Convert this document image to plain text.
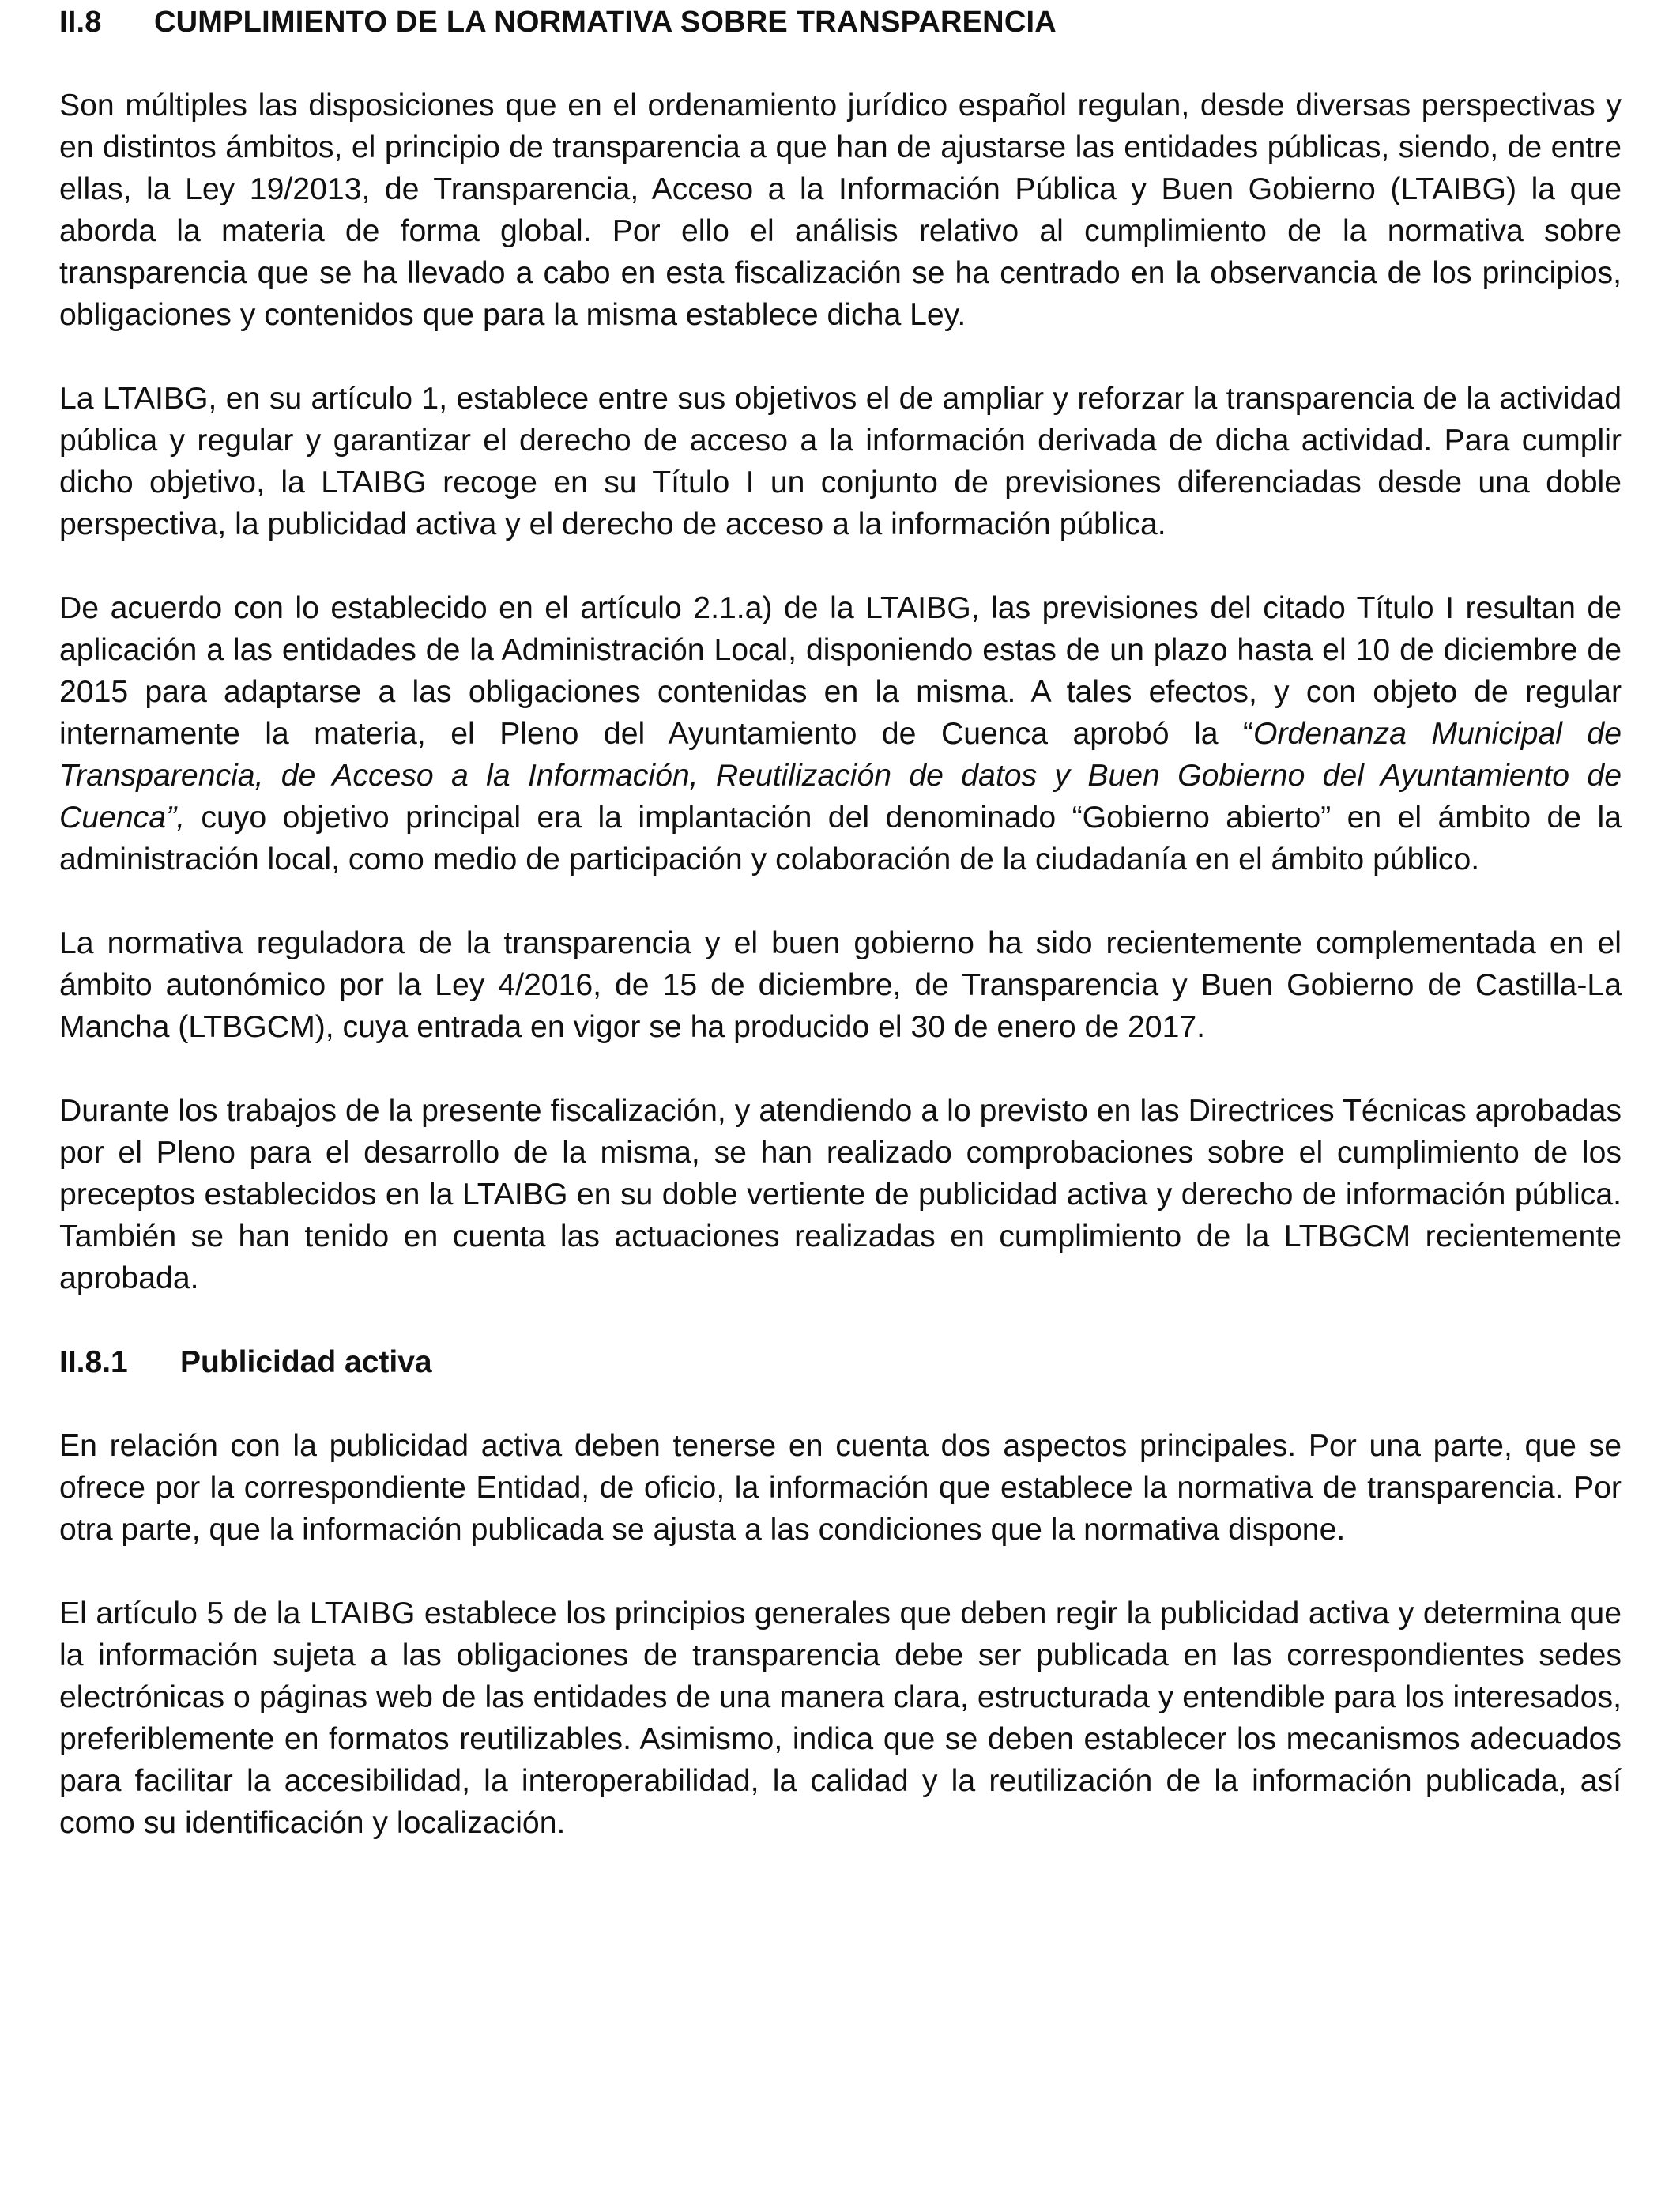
II.8	CUMPLIMIENTO DE LA NORMATIVA SOBRE TRANSPARENCIA

Son múltiples las disposiciones que en el ordenamiento jurídico español regulan, desde diversas perspectivas y en distintos ámbitos, el principio de transparencia a que han de ajustarse las entidades públicas, siendo, de entre ellas, la Ley 19/2013, de Transparencia, Acceso a la Información Pública y Buen Gobierno (LTAIBG) la que aborda la materia de forma global. Por ello el análisis relativo al cumplimiento de la normativa sobre transparencia que se ha llevado a cabo en esta fiscalización se ha centrado en la observancia de los principios, obligaciones y contenidos que para la misma establece dicha Ley.

La LTAIBG, en su artículo 1, establece entre sus objetivos el de ampliar y reforzar la transparencia de la actividad pública y regular y garantizar el derecho de acceso a la información derivada de dicha actividad. Para cumplir dicho objetivo, la LTAIBG recoge en su Título I un conjunto de previsiones diferenciadas desde una doble perspectiva, la publicidad activa y el derecho de acceso a la información pública.

De acuerdo con lo establecido en el artículo 2.1.a) de la LTAIBG, las previsiones del citado Título I resultan de aplicación a las entidades de la Administración Local, disponiendo estas de un plazo hasta el 10 de diciembre de 2015 para adaptarse a las obligaciones contenidas en la misma. A tales efectos, y con objeto de regular internamente la materia, el Pleno del Ayuntamiento de Cuenca aprobó la “Ordenanza Municipal de Transparencia, de Acceso a la Información, Reutilización de datos y Buen Gobierno del Ayuntamiento de Cuenca”, cuyo objetivo principal era la implantación del denominado “Gobierno abierto” en el ámbito de la administración local, como medio de participación y colaboración de la ciudadanía en el ámbito público.

La normativa reguladora de la transparencia y el buen gobierno ha sido recientemente complementada en el ámbito autonómico por la Ley 4/2016, de 15 de diciembre, de Transparencia y Buen Gobierno de Castilla-La Mancha (LTBGCM), cuya entrada en vigor se ha producido el 30 de enero de 2017.

Durante los trabajos de la presente fiscalización, y atendiendo a lo previsto en las Directrices Técnicas aprobadas por el Pleno para el desarrollo de la misma, se han realizado comprobaciones sobre el cumplimiento de los preceptos establecidos en la LTAIBG en su doble vertiente de publicidad activa y derecho de información pública. También se han tenido en cuenta las actuaciones realizadas en cumplimiento de la LTBGCM recientemente aprobada.

II.8.1	Publicidad activa

En relación con la publicidad activa deben tenerse en cuenta dos aspectos principales. Por una parte, que se ofrece por la correspondiente Entidad, de oficio, la información que establece la normativa de transparencia. Por otra parte, que la información publicada se ajusta a las condiciones que la normativa dispone.

El artículo 5 de la LTAIBG establece los principios generales que deben regir la publicidad activa y determina que la información sujeta a las obligaciones de transparencia debe ser publicada en las correspondientes sedes electrónicas o páginas web de las entidades de una manera clara, estructurada y entendible para los interesados, preferiblemente en formatos reutilizables. Asimismo, indica que se deben establecer los mecanismos adecuados para facilitar la accesibilidad, la interoperabilidad, la calidad y la reutilización de la información publicada, así como su identificación y localización.
